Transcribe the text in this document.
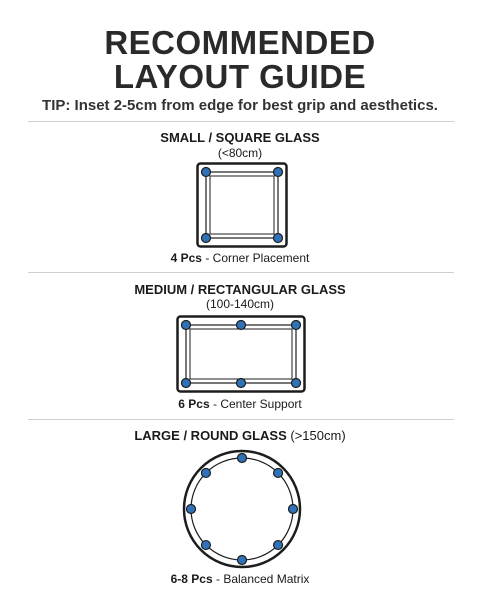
RECOMMENDED
LAYOUT GUIDE
TIP: Inset 2-5cm from edge for best grip and aesthetics.
SMALL / SQUARE GLASS
(<80cm)
4 Pcs - Corner Placement
MEDIUM / RECTANGULAR GLASS
(100-140cm)
6 Pcs - Center Support
LARGE / ROUND GLASS (>150cm)
6-8 Pcs - Balanced Matrix
